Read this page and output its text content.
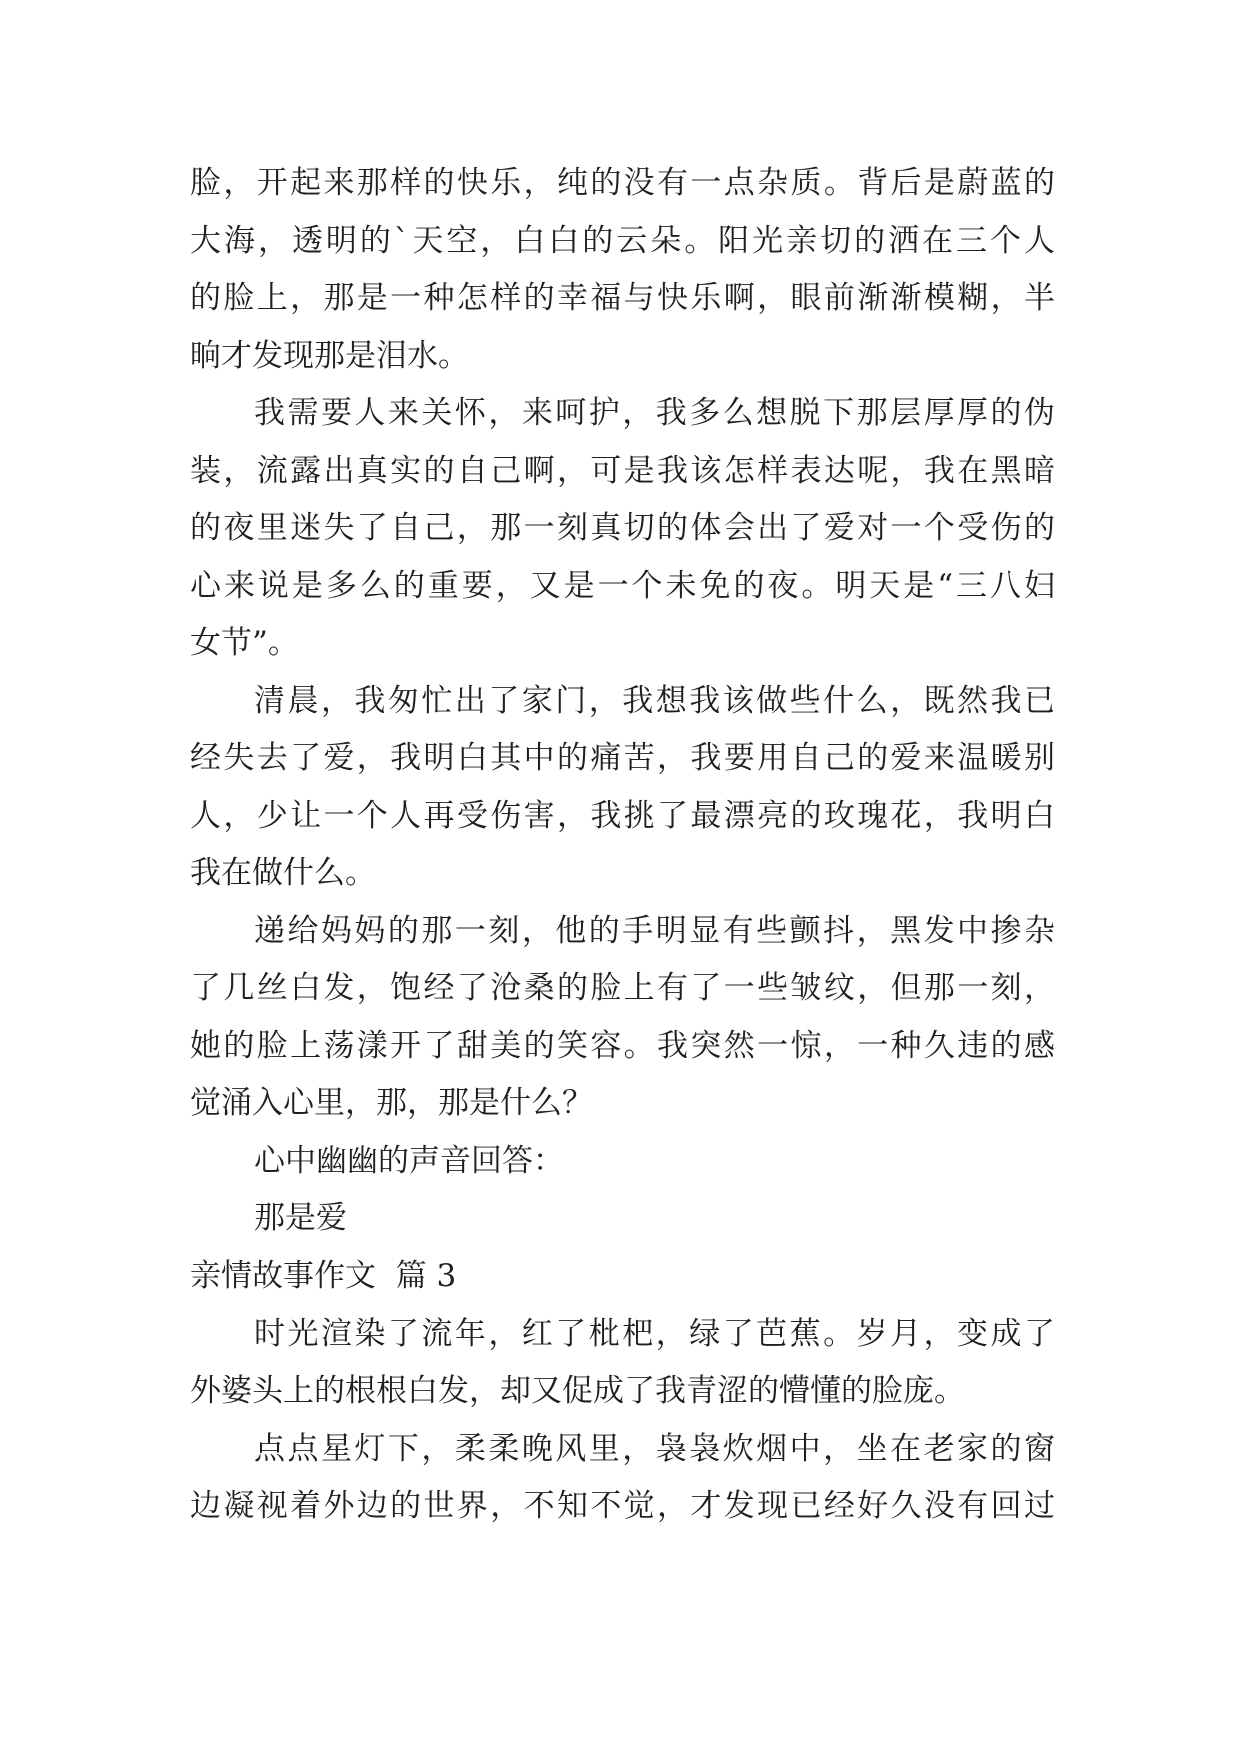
脸，开起来那样的快乐，纯的没有一点杂质。背后是蔚蓝的
大海，透明的`天空，白白的云朵。阳光亲切的洒在三个人
的脸上，那是一种怎样的幸福与快乐啊，眼前渐渐模糊，半
晌才发现那是泪水。
我需要人来关怀，来呵护，我多么想脱下那层厚厚的伪
装，流露出真实的自己啊，可是我该怎样表达呢，我在黑暗
的夜里迷失了自己，那一刻真切的体会出了爱对一个受伤的
心来说是多么的重要，又是一个未免的夜。明天是“三八妇
女节”。
清晨，我匆忙出了家门，我想我该做些什么，既然我已
经失去了爱，我明白其中的痛苦，我要用自己的爱来温暖别
人，少让一个人再受伤害，我挑了最漂亮的玫瑰花，我明白
我在做什么。
递给妈妈的那一刻，他的手明显有些颤抖，黑发中掺杂
了几丝白发，饱经了沧桑的脸上有了一些皱纹，但那一刻，
她的脸上荡漾开了甜美的笑容。我突然一惊，一种久违的感
觉涌入心里，那，那是什么？
心中幽幽的声音回答：
那是爱
亲情故事作文  篇 3
时光渲染了流年，红了枇杷，绿了芭蕉。岁月，变成了
外婆头上的根根白发，却又促成了我青涩的懵懂的脸庞。
点点星灯下，柔柔晚风里，袅袅炊烟中，坐在老家的窗
边凝视着外边的世界，不知不觉，才发现已经好久没有回过
